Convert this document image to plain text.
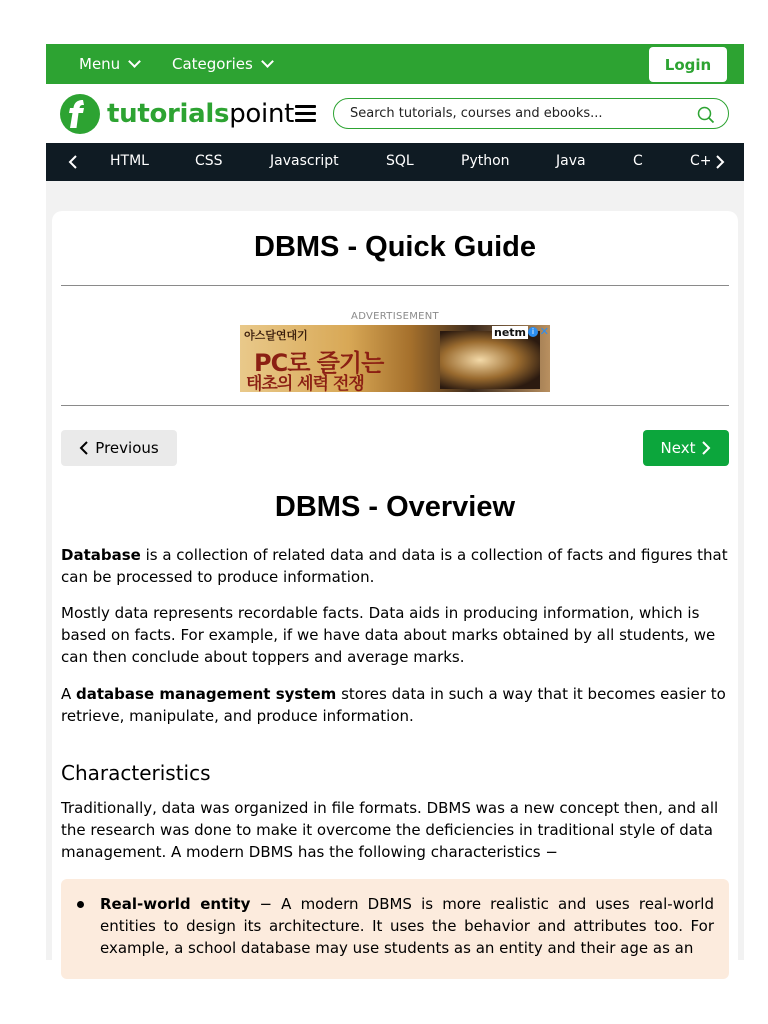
Menu	Categories	Login
tutorialspoint
Search tutorials, courses and ebooks...
HTML	CSS	Javascript	SQL	Python	Java	C	C+
DBMS - Quick Guide
ADVERTISEMENT
야스달연대기
PC로 즐기는
태초의 세력 전쟁
netm i ✕
Previous	Next
DBMS - Overview

Database is a collection of related data and data is a collection of facts and figures that can be processed to produce information.

Mostly data represents recordable facts. Data aids in producing information, which is based on facts. For example, if we have data about marks obtained by all students, we can then conclude about toppers and average marks.

A database management system stores data in such a way that it becomes easier to retrieve, manipulate, and produce information.

Characteristics

Traditionally, data was organized in file formats. DBMS was a new concept then, and all the research was done to make it overcome the deficiencies in traditional style of data management. A modern DBMS has the following characteristics −

Real-world entity − A modern DBMS is more realistic and uses real-world entities to design its architecture. It uses the behavior and attributes too. For example, a school database may use students as an entity and their age as an
